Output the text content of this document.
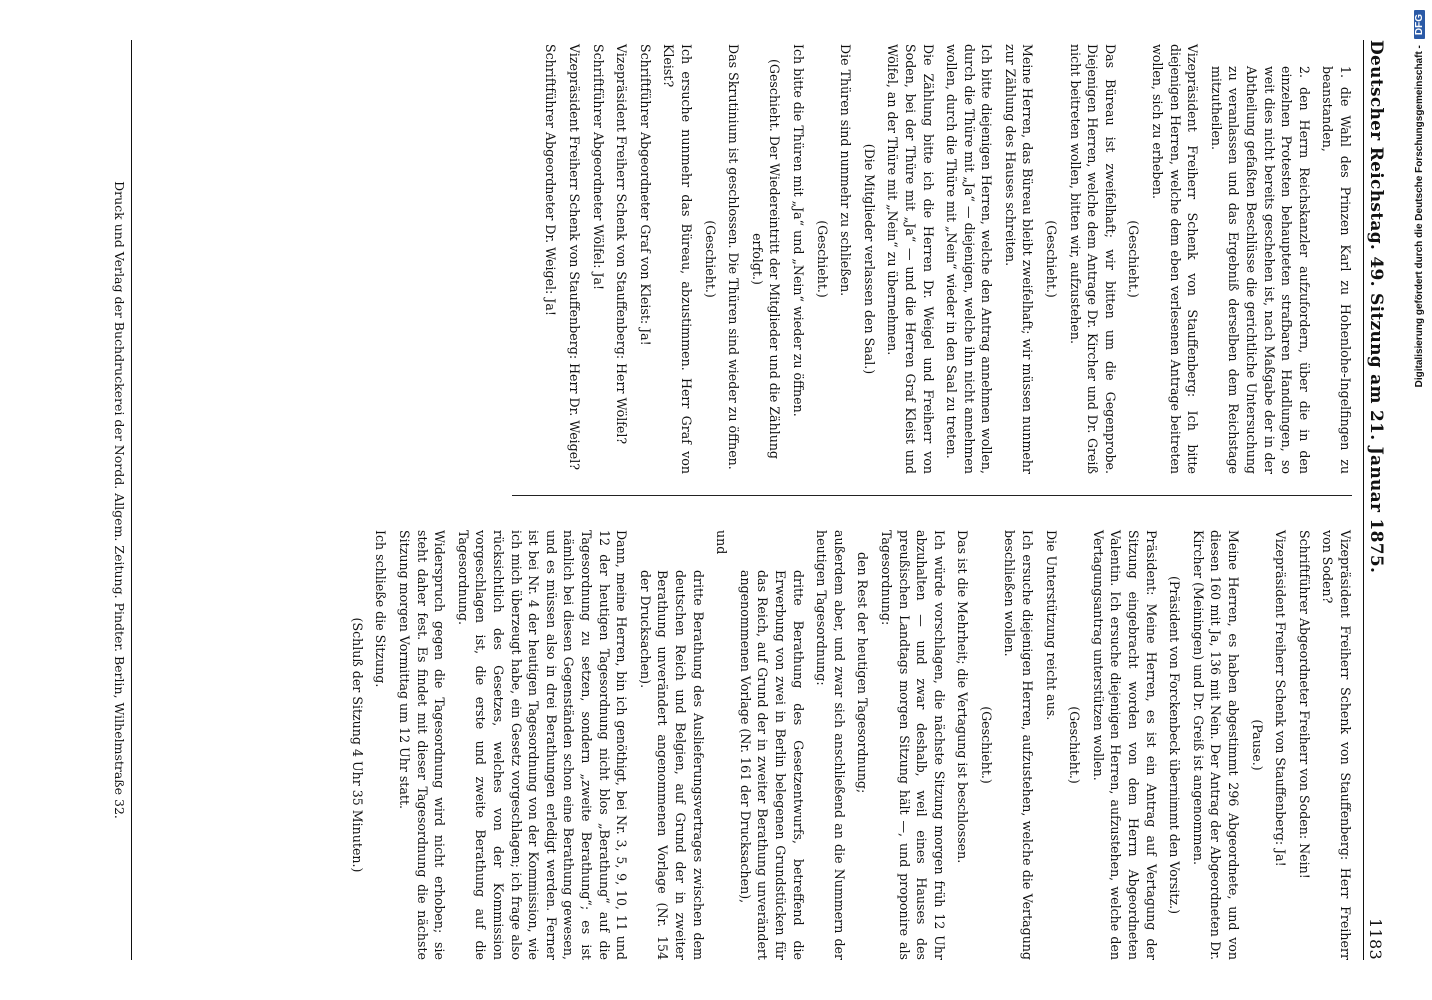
Deutscher Reichstag. 49. Sitzung am 21. Januar 1875.
1183

1. die Wahl des Prinzen Karl zu Hohenlohe-Ingelfingen zu beanstanden,

2. den Herrn Reichskanzler aufzufordern, über die in den einzelnen Protesten behaupteten strafbaren Handlungen, so weit dies nicht bereits geschehen ist, nach Maßgabe der in der Abtheilung gefaßten Beschlüsse die gerichtliche Untersuchung zu veranlassen und das Ergebniß derselben dem Reichstage mitzutheilen.

Vizepräsident Freiherr Schenk von Stauffenberg: Ich bitte diejenigen Herren, welche dem eben verlesenen Antrage beitreten wollen, sich zu erheben.

(Geschieht.)

Das Büreau ist zweifelhaft; wir bitten um die Gegenprobe. Diejenigen Herren, welche dem Antrage Dr. Kircher und Dr. Greiß nicht beitreten wollen, bitten wir, aufzustehen.

(Geschieht.)

Meine Herren, das Büreau bleibt zweifelhaft; wir müssen nunmehr zur Zählung des Hauses schreiten.

Ich bitte diejenigen Herren, welche den Antrag annehmen wollen, durch die Thüre mit „Ja“ — diejenigen, welche ihn nicht annehmen wollen, durch die Thüre mit „Nein“ wieder in den Saal zu treten.

Die Zählung bitte ich die Herren Dr. Weigel und Freiherr von Soden, bei der Thüre mit „Ja“ — und die Herren Graf Kleist und Wölfel, an der Thüre mit „Nein“ zu übernehmen.

(Die Mitglieder verlassen den Saal.)

Die Thüren sind nunmehr zu schließen.

(Geschieht.)

Ich bitte die Thüren mit „Ja“ und „Nein“ wieder zu öffnen.

(Geschieht. Der Wiedereintritt der Mitglieder und die Zählung erfolgt.)

Das Skrutinium ist geschlossen. Die Thüren sind wieder zu öffnen.

(Geschieht.)

Ich ersuche nunmehr das Büreau, abzustimmen. Herr Graf von Kleist?

Schriftführer Abgeordneter Graf von Kleist: Ja!

Vizepräsident Freiherr Schenk von Stauffenberg: Herr Wölfel?

Schriftführer Abgeordneter Wölfel: Ja!

Vizepräsident Freiherr Schenk von Stauffenberg: Herr Dr. Weigel?

Schriftführer Abgeordneter Dr. Weigel: Ja!

Vizepräsident Freiherr Schenk von Stauffenberg: Herr Freiherr von Soden?

Schriftführer Abgeordneter Freiherr von Soden: Nein!

Vizepräsident Freiherr Schenk von Stauffenberg: Ja!

(Pause.)

Meine Herren, es haben abgestimmt 296 Abgeordnete, und von diesen 160 mit Ja, 136 mit Nein. Der Antrag der Abgeordneten Dr. Kircher (Meiningen) und Dr. Greiß ist angenommen.

(Präsident von Forckenbeck übernimmt den Vorsitz.)

Präsident: Meine Herren, es ist ein Antrag auf Vertagung der Sitzung eingebracht worden von dem Herrn Abgeordneten Valentin. Ich ersuche diejenigen Herren, aufzustehen, welche den Vertagungsantrag unterstützen wollen.

(Geschieht.)

Die Unterstützung reicht aus.

Ich ersuche diejenigen Herren, aufzustehen, welche die Vertagung beschließen wollen.

(Geschieht.)

Das ist die Mehrheit; die Vertagung ist beschlossen.

Ich würde vorschlagen, die nächste Sitzung morgen früh 12 Uhr abzuhalten — und zwar deshalb, weil eines Hauses des preußischen Landtags morgen Sitzung hält —, und proponire als Tagesordnung:

den Rest der heutigen Tagesordnung;

außerdem aber, und zwar sich anschließend an die Nummern der heutigen Tagesordnung:

dritte Berathung des Gesetzentwurfs, betreffend die Erwerbung von zwei in Berlin belegenen Grundstücken für das Reich, auf Grund der in zweiter Berathung unverändert angenommenen Vorlage (Nr. 161 der Drucksachen),

und

dritte Berathung des Auslieferungsvertrages zwischen dem deutschen Reich und Belgien, auf Grund der in zweiter Berathung unverändert angenommenen Vorlage (Nr. 154 der Drucksachen).

Dann, meine Herren, bin ich genöthigt, bei Nr. 3, 5, 9, 10, 11 und 12 der heutigen Tagesordnung nicht blos „Berathung“ auf die Tagesordnung zu setzen, sondern „zweite Berathung“; es ist nämlich bei diesen Gegenständen schon eine Berathung gewesen, und es müssen also in drei Berathungen erledigt werden. Ferner ist bei Nr. 4 der heutigen Tagesordnung von der Kommission, wie ich mich überzeugt habe, ein Gesetz vorgeschlagen; ich frage also rücksichtlich des Gesetzes, welches von der Kommission vorgeschlagen ist, die erste und zweite Berathung auf die Tagesordnung.

Widerspruch gegen die Tagesordnung wird nicht erhoben; sie steht daher fest. Es findet mit dieser Tagesordnung die nächste Sitzung morgen Vormittag um 12 Uhr statt.

Ich schließe die Sitzung.

(Schluß der Sitzung 4 Uhr 35 Minuten.)

Druck und Verlag der Buchdruckerei der Nordd. Allgem. Zeitung. Pindter. Berlin, Wilhelmstraße 32.	Digitalisierung gefördert durch die Deutsche Forschungsgemeinschaft -
DFG
